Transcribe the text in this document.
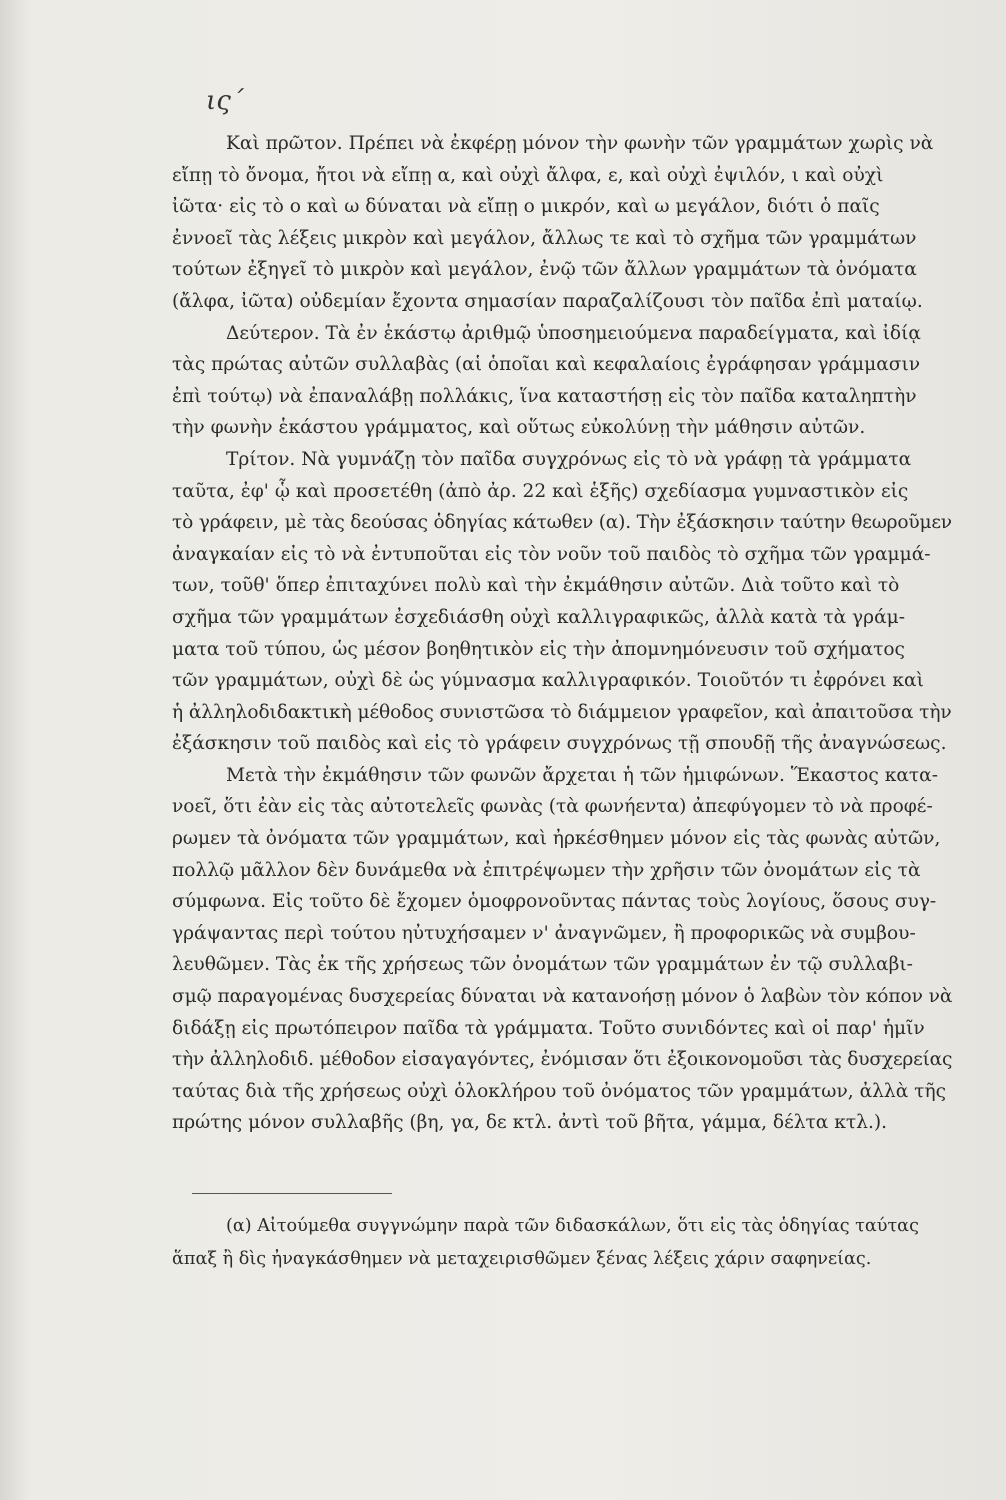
ις΄
Καὶ πρῶτον. Πρέπει νὰ ἐκφέρῃ μόνον τὴν φωνὴν τῶν γραμμάτων χωρὶς νὰ
εἴπῃ τὸ ὄνομα, ἤτοι νὰ εἴπῃ α, καὶ οὐχὶ ἄλφα, ε, καὶ οὐχὶ ἐψιλόν, ι καὶ οὐχὶ
ἰῶτα· εἰς τὸ ο καὶ ω δύναται νὰ εἴπῃ ο μικρόν, καὶ ω μεγάλον, διότι ὁ παῖς
ἐννοεῖ τὰς λέξεις μικρὸν καὶ μεγάλον, ἄλλως τε καὶ τὸ σχῆμα τῶν γραμμάτων
τούτων ἐξηγεῖ τὸ μικρὸν καὶ μεγάλον, ἐνῷ τῶν ἄλλων γραμμάτων τὰ ὀνόματα
(ἄλφα, ἰῶτα) οὐδεμίαν ἔχοντα σημασίαν παραζαλίζουσι τὸν παῖδα ἐπὶ ματαίῳ.
Δεύτερον. Τὰ ἐν ἑκάστῳ ἀριθμῷ ὑποσημειούμενα παραδείγματα, καὶ ἰδίᾳ
τὰς πρώτας αὐτῶν συλλαβὰς (αἱ ὁποῖαι καὶ κεφαλαίοις ἐγράφησαν γράμμασιν
ἐπὶ τούτῳ) νὰ ἐπαναλάβῃ πολλάκις, ἵνα καταστήσῃ εἰς τὸν παῖδα καταληπτὴν
τὴν φωνὴν ἑκάστου γράμματος, καὶ οὕτως εὐκολύνῃ τὴν μάθησιν αὐτῶν.
Τρίτον. Νὰ γυμνάζῃ τὸν παῖδα συγχρόνως εἰς τὸ νὰ γράφῃ τὰ γράμματα
ταῦτα, ἐφ' ᾧ καὶ προσετέθη (ἀπὸ ἀρ. 22 καὶ ἑξῆς) σχεδίασμα γυμναστικὸν εἰς
τὸ γράφειν, μὲ τὰς δεούσας ὁδηγίας κάτωθεν (α). Τὴν ἐξάσκησιν ταύτην θεωροῦμεν
ἀναγκαίαν εἰς τὸ νὰ ἐντυποῦται εἰς τὸν νοῦν τοῦ παιδὸς τὸ σχῆμα τῶν γραμμά-
των, τοῦθ' ὅπερ ἐπιταχύνει πολὺ καὶ τὴν ἐκμάθησιν αὐτῶν. Διὰ τοῦτο καὶ τὸ
σχῆμα τῶν γραμμάτων ἐσχεδιάσθη οὐχὶ καλλιγραφικῶς, ἀλλὰ κατὰ τὰ γράμ-
ματα τοῦ τύπου, ὡς μέσον βοηθητικὸν εἰς τὴν ἀπομνημόνευσιν τοῦ σχήματος
τῶν γραμμάτων, οὐχὶ δὲ ὡς γύμνασμα καλλιγραφικόν. Τοιοῦτόν τι ἐφρόνει καὶ
ἡ ἀλληλοδιδακτικὴ μέθοδος συνιστῶσα τὸ διάμμειον γραφεῖον, καὶ ἀπαιτοῦσα τὴν
ἐξάσκησιν τοῦ παιδὸς καὶ εἰς τὸ γράφειν συγχρόνως τῇ σπουδῇ τῆς ἀναγνώσεως.
Μετὰ τὴν ἐκμάθησιν τῶν φωνῶν ἄρχεται ἡ τῶν ἡμιφώνων. Ἕκαστος κατα-
νοεῖ, ὅτι ἐὰν εἰς τὰς αὐτοτελεῖς φωνὰς (τὰ φωνήεντα) ἀπεφύγομεν τὸ νὰ προφέ-
ρωμεν τὰ ὀνόματα τῶν γραμμάτων, καὶ ἠρκέσθημεν μόνον εἰς τὰς φωνὰς αὐτῶν,
πολλῷ μᾶλλον δὲν δυνάμεθα νὰ ἐπιτρέψωμεν τὴν χρῆσιν τῶν ὀνομάτων εἰς τὰ
σύμφωνα. Εἰς τοῦτο δὲ ἔχομεν ὁμοφρονοῦντας πάντας τοὺς λογίους, ὅσους συγ-
γράψαντας περὶ τούτου ηὐτυχήσαμεν ν' ἀναγνῶμεν, ἢ προφορικῶς νὰ συμβου-
λευθῶμεν. Τὰς ἐκ τῆς χρήσεως τῶν ὀνομάτων τῶν γραμμάτων ἐν τῷ συλλαβι-
σμῷ παραγομένας δυσχερείας δύναται νὰ κατανοήσῃ μόνον ὁ λαβὼν τὸν κόπον νὰ
διδάξῃ εἰς πρωτόπειρον παῖδα τὰ γράμματα. Τοῦτο συνιδόντες καὶ οἱ παρ' ἡμῖν
τὴν ἀλληλοδιδ. μέθοδον εἰσαγαγόντες, ἐνόμισαν ὅτι ἐξοικονομοῦσι τὰς δυσχερείας
ταύτας διὰ τῆς χρήσεως οὐχὶ ὁλοκλήρου τοῦ ὀνόματος τῶν γραμμάτων, ἀλλὰ τῆς
πρώτης μόνον συλλαβῆς (βη, γα, δε κτλ. ἀντὶ τοῦ βῆτα, γάμμα, δέλτα κτλ.).
(α) Αἰτούμεθα συγγνώμην παρὰ τῶν διδασκάλων, ὅτι εἰς τὰς ὁδηγίας ταύτας
ἅπαξ ἢ δὶς ἠναγκάσθημεν νὰ μεταχειρισθῶμεν ξένας λέξεις χάριν σαφηνείας.
